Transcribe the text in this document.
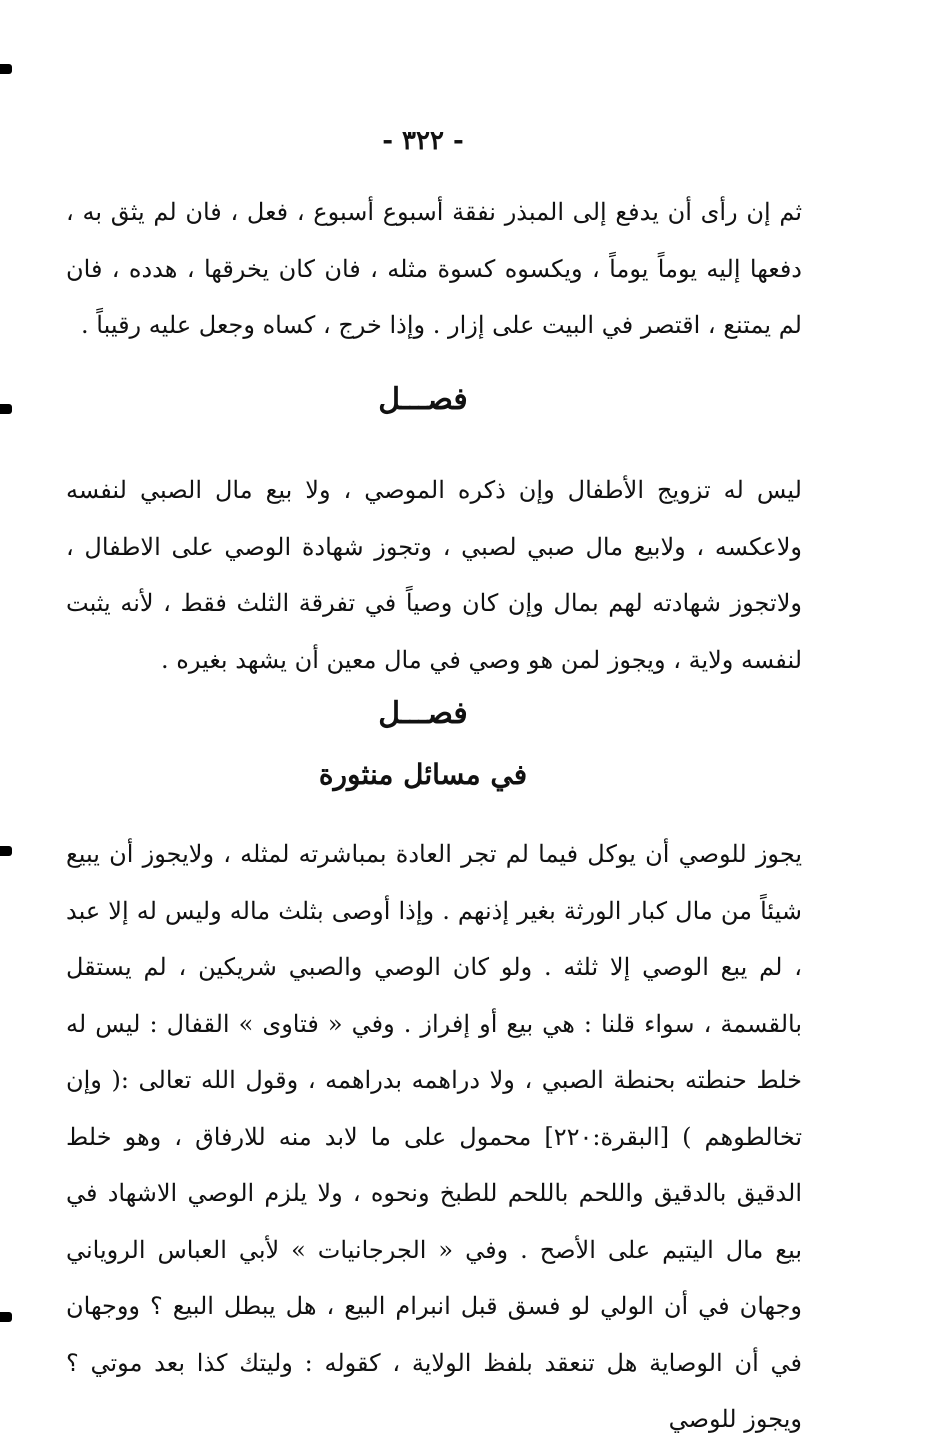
- ٣٢٢ -

ثم إن رأى أن يدفع إلى المبذر نفقة أسبوع أسبوع ، فعل ، فان لم يثق به ، دفعها إليه يوماً يوماً ، ويكسوه كسوة مثله ، فان كان يخرقها ، هدده ، فان لم يمتنع ، اقتصر في البيت على إزار . وإذا خرج ، كساه وجعل عليه رقيباً .

فصـــل

ليس له تزويج الأطفال وإن ذكره الموصي ، ولا بيع مال الصبي لنفسه ولاعكسه ، ولابيع مال صبي لصبي ، وتجوز شهادة الوصي على الاطفال ، ولاتجوز شهادته لهم بمال وإن كان وصياً في تفرقة الثلث فقط ، لأنه يثبت لنفسه ولاية ، ويجوز لمن هو وصي في مال معين أن يشهد بغيره .

فصـــل
في مسائل منثورة

يجوز للوصي أن يوكل فيما لم تجر العادة بمباشرته لمثله ، ولايجوز أن يبيع شيئاً من مال كبار الورثة بغير إذنهم . وإذا أوصى بثلث ماله وليس له إلا عبد ، لم يبع الوصي إلا ثلثه . ولو كان الوصي والصبي شريكين ، لم يستقل بالقسمة ، سواء قلنا : هي بيع أو إفراز . وفي « فتاوى » القفال : ليس له خلط حنطته بحنطة الصبي ، ولا دراهمه بدراهمه ، وقول الله تعالى :( وإن تخالطوهم ) [البقرة:٢٢٠] محمول على ما لابد منه للارفاق ، وهو خلط الدقيق بالدقيق واللحم باللحم للطبخ ونحوه ، ولا يلزم الوصي الاشهاد في بيع مال اليتيم على الأصح . وفي « الجرجانيات » لأبي العباس الروياني وجهان في أن الولي لو فسق قبل انبرام البيع ، هل يبطل البيع ؟ ووجهان في أن الوصاية هل تنعقد بلفظ الولاية ، كقوله : وليتك كذا بعد موتي ؟ ويجوز للوصي
